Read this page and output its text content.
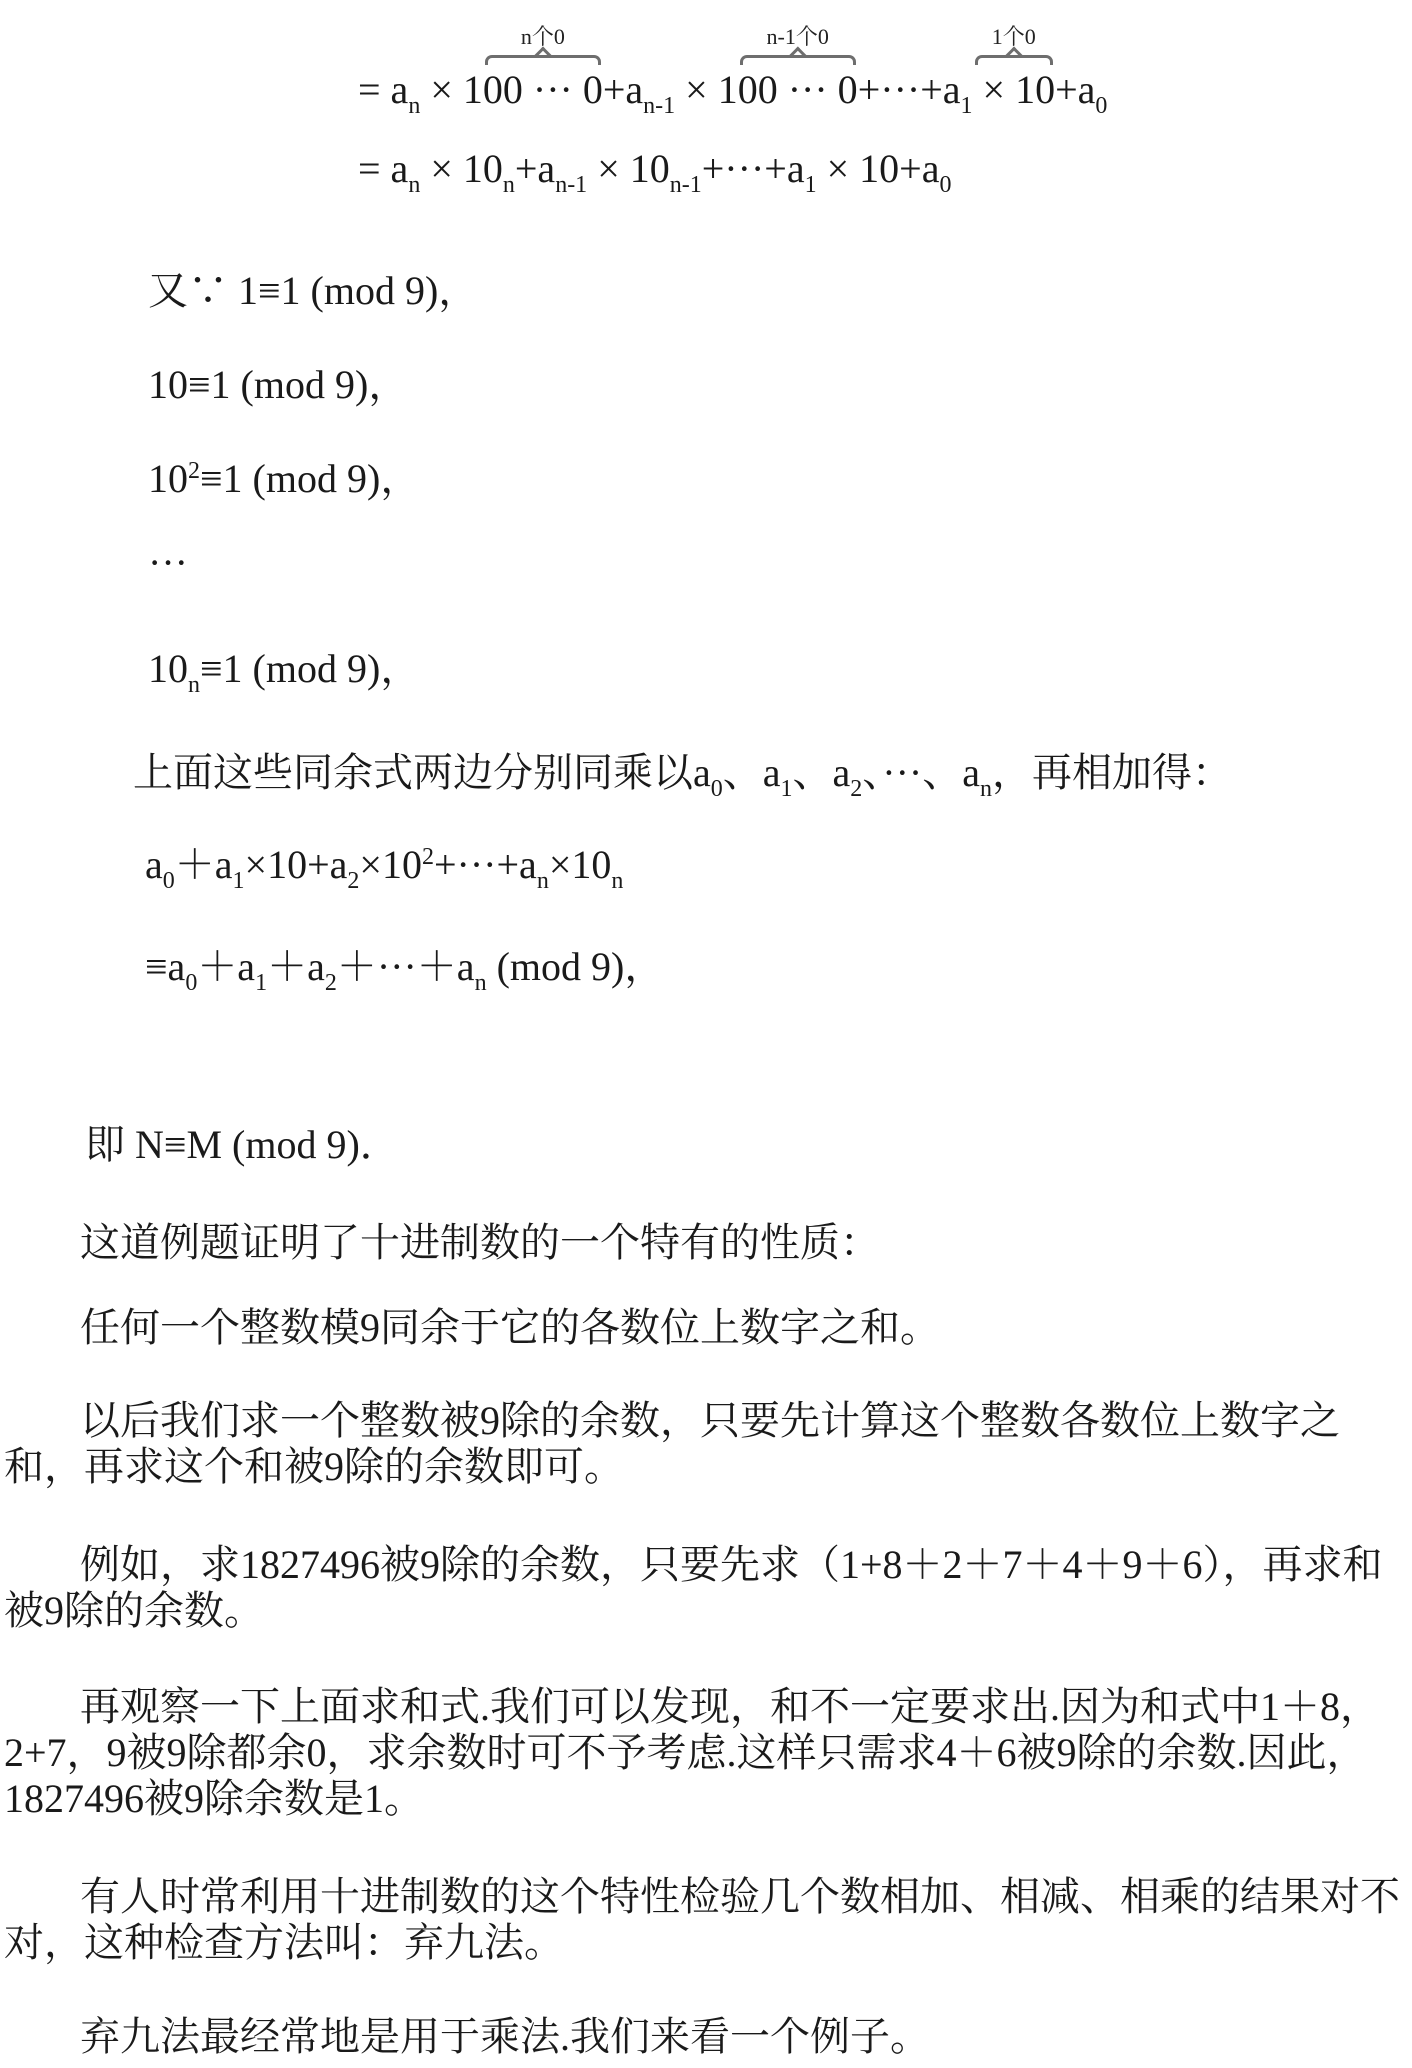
= $a_n \times 1$
n个0
00 ··· $0+a_{n-1} \times 1$
n-1个0
00 ··· $0+\cdot\cdot\cdot+a_1$
1个0
× $10+a_0$
= $a_n \times 10_n+a_{n-1} \times 10_{n-1}+\cdot\cdot\cdot+a_1 \times 10+a_0$
又∵ 1≡1 (mod 9)，
10≡1 (mod 9)，
$10^2\equiv 1$ (mod 9)，
···
$10_n\equiv 1$ (mod 9)，
上面这些同余式两边分别同乘以$a_0$、$a_1$、$a_2$、···、$a_n$，再相加得：
$a_0+a_1\times 10+a_2\times 10^2+\cdot\cdot\cdot+a_n\times 10_n$
$\equiv a_0+a_1+a_2+\cdot\cdot\cdot+a_n$ (mod 9)，
即 N≡M (mod 9)．

这道例题证明了十进制数的一个特有的性质：

任何一个整数模9同余于它的各数位上数字之和。

以后我们求一个整数被9除的余数，只要先计算这个整数各数位上数字之和，再求这个和被9除的余数即可。

例如，求1827496被9除的余数，只要先求（1+8＋2＋7＋4＋9＋6），再求和被9除的余数。

再观察一下上面求和式.我们可以发现，和不一定要求出.因为和式中1＋8，2+7，9被9除都余0，求余数时可不予考虑.这样只需求4＋6被9除的余数.因此，1827496被9除余数是1。

有人时常利用十进制数的这个特性检验几个数相加、相减、相乘的结果对不对，这种检查方法叫：弃九法。

弃九法最经常地是用于乘法.我们来看一个例子。
